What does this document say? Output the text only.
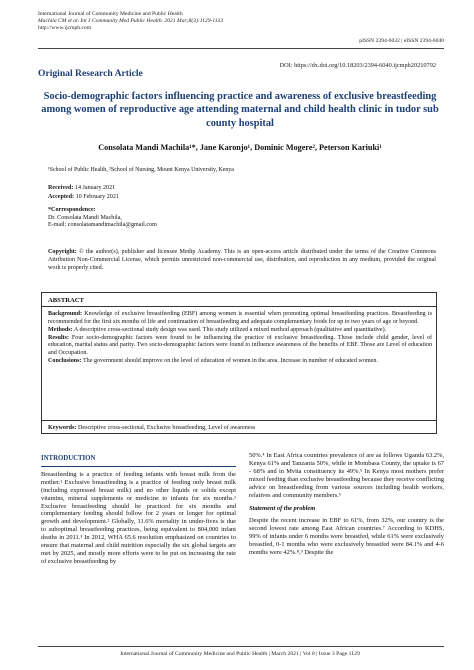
International Journal of Community Medicine and Public Health
Machila CM et al. Int J Community Med Public Health. 2021 Mar;8(3):1129-1133
http://www.ijcmph.com
pISSN 2394-6032 | eISSN 2394-6040
DOI: https://dx.doi.org/10.18203/2394-6040.ijcmph20210792
Original Research Article
Socio-demographic factors influencing practice and awareness of exclusive breastfeeding among women of reproductive age attending maternal and child health clinic in tudor sub county hospital
Consolata Mandi Machila¹*, Jane Karonjo¹, Dominic Mogere², Peterson Kariuki¹
¹School of Public Health, ²School of Nursing, Mount Kenya University, Kenya
Received: 14 January 2021
Accepted: 10 February 2021
*Correspondence:
Dr. Consolata Mandi Machila,
E-mail: consolatamandimachila@gmail.com
Copyright: © the author(s), publisher and licensee Medip Academy. This is an open-access article distributed under the terms of the Creative Commons Attribution Non-Commercial License, which permits unrestricted non-commercial use, distribution, and reproduction in any medium, provided the original work is properly cited.
ABSTRACT

Background: Knowledge of exclusive breastfeeding (EBF) among women is essential when promoting optimal breastfeeding practices. Breastfeeding is recommended for the first six months of life and continuation of breastfeeding and adequate complementary foods for up to two years of age or beyond.

Methods: A descriptive cross-sectional study design was used. This study utilized a mixed method approach (qualitative and quantitative).

Results: Four socio-demographic factors were found to be influencing the practice of exclusive breastfeeding. Those include child gender, level of education, marital status and parity. Two socio-demographic factors were found to influence awareness of the benefits of EBF. Those are Level of education and Occupation.

Conclusions: The government should improve on the level of education of women in the area. Increase in number of educated women.

Keywords: Descriptive cross-sectional, Exclusive breastfeeding, Level of awareness
INTRODUCTION
Breastfeeding is a practice of feeding infants with breast milk from the mother.¹ Exclusive breastfeeding is a practice of feeding only breast milk (including expressed breast milk) and no other liquids or solids except vitamins, mineral supplements or medicine to infants for six months.¹ Exclusive breastfeeding should be practiced for six months and complementary feeding should follow for 2 years or longer for optimal growth and development.² Globally, 11.6% mortality in under-fives is due to suboptimal breastfeeding practices, being equivalent to 804,000 infant deaths in 2011.³ In 2012, WHA 65.6 resolution emphasized on countries to ensure that maternal and child nutrition especially the six global targets are met by 2025, and mostly more efforts were to be put on increasing the rate of exclusive breastfeeding by
50%.⁴ In East Africa countries prevalence of are as follows Uganda 63.2%, Kenya 61% and Tanzania 50%, while in Mombasa County, the uptake is 67 - 68% and in Mvita constituency its 49%.⁵ In Kenya most mothers prefer mixed feeding than exclusive breastfeeding because they receive conflicting advice on breastfeeding from various sources including health workers, relatives and community members.⁶
Statement of the problem
Despite the recent increase in EBF to 61%, from 32%, our country is the second lowest rate among East African countries.⁷ According to KDHS, 99% of infants under 6 months were breastfed, while 61% were exclusively breastfed, 0-1 months who were exclusively breastfed were 84.1% and 4-6 months were 42%.⁸,⁹ Despite the
International Journal of Community Medicine and Public Health | March 2021 | Vol 8 | Issue 3 Page 1129
